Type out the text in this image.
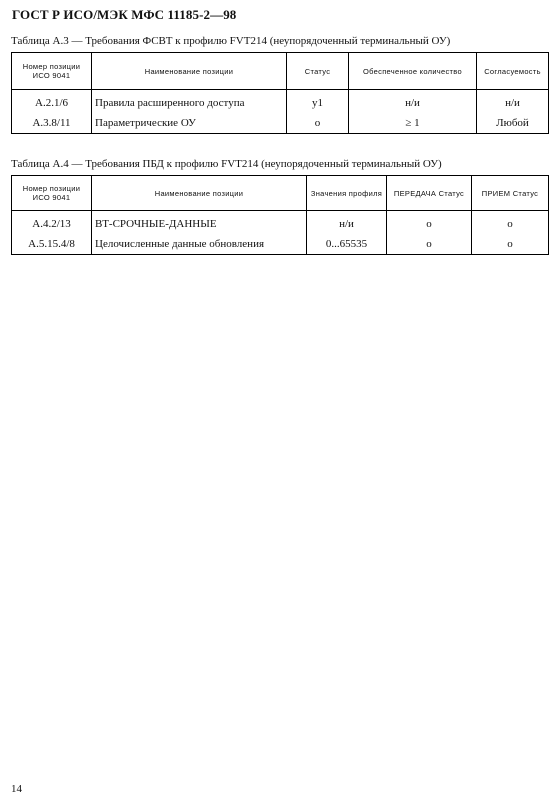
ГОСТ Р ИСО/МЭК МФС 11185-2—98
Таблица А.3 — Требования ФСВТ к профилю FVT214 (неупорядоченный терминальный ОУ)
Номер позиции ИСО 9041	Наименование позиции	Статус	Обеспеченное количество	Согласуемость
А.2.1/6	Правила расширенного доступа	у1	н/и	н/и
А.3.8/11	Параметрические ОУ	о	≥ 1	Любой
Таблица А.4 — Требования ПБД к профилю FVT214 (неупорядоченный терминальный ОУ)
Номер позиции ИСО 9041	Наименование позиции	Значения профиля	ПЕРЕДАЧА Статус	ПРИЕМ Статус
А.4.2/13	ВТ-СРОЧНЫЕ-ДАННЫЕ	н/и	о	о
А.5.15.4/8	Целочисленные данные обновления	0...65535	о	о
14
